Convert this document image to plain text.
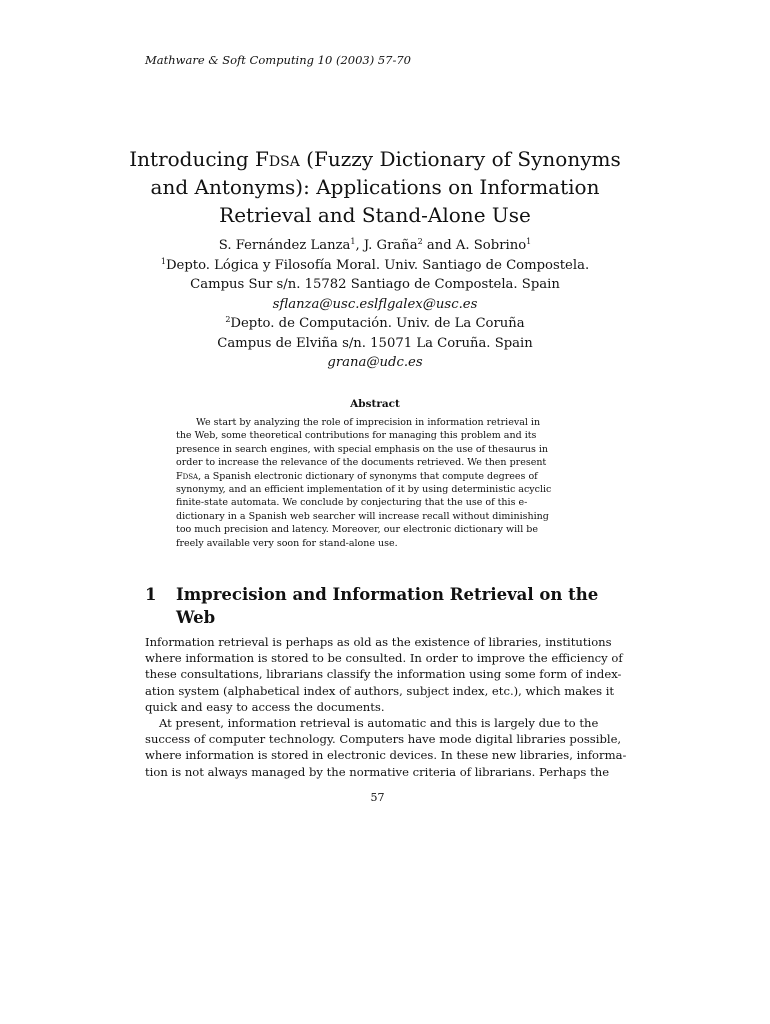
Mathware & Soft Computing 10 (2003) 57-70
Introducing Fdsa (Fuzzy Dictionary of Synonyms
and Antonyms): Applications on Information
Retrieval and Stand-Alone Use
S. Fernández Lanza$^1$, J. Graña$^2$ and A. Sobrino$^1$
$^1$Depto. Lógica y Filosofía Moral. Univ. Santiago de Compostela.
Campus Sur s/n. 15782 Santiago de Compostela. Spain
sflanza@usc.eslflgalex@usc.es
$^2$Depto. de Computación. Univ. de La Coruña
Campus de Elviña s/n. 15071 La Coruña. Spain
grana@udc.es
Abstract
We start by analyzing the role of imprecision in information retrieval in
the Web, some theoretical contributions for managing this problem and its
presence in search engines, with special emphasis on the use of thesaurus in
order to increase the relevance of the documents retrieved. We then present
Fdsa, a Spanish electronic dictionary of synonyms that compute degrees of
synonymy, and an efficient implementation of it by using deterministic acyclic
finite-state automata. We conclude by conjecturing that the use of this e-
dictionary in a Spanish web searcher will increase recall without diminishing
too much precision and latency. Moreover, our electronic dictionary will be
freely available very soon for stand-alone use.
1	Imprecision and Information Retrieval on the
Web
Information retrieval is perhaps as old as the existence of libraries, institutions
where information is stored to be consulted. In order to improve the efficiency of
these consultations, librarians classify the information using some form of index-
ation system (alphabetical index of authors, subject index, etc.), which makes it
quick and easy to access the documents.
At present, information retrieval is automatic and this is largely due to the
success of computer technology. Computers have mode digital libraries possible,
where information is stored in electronic devices. In these new libraries, informa-
tion is not always managed by the normative criteria of librarians. Perhaps the
57
